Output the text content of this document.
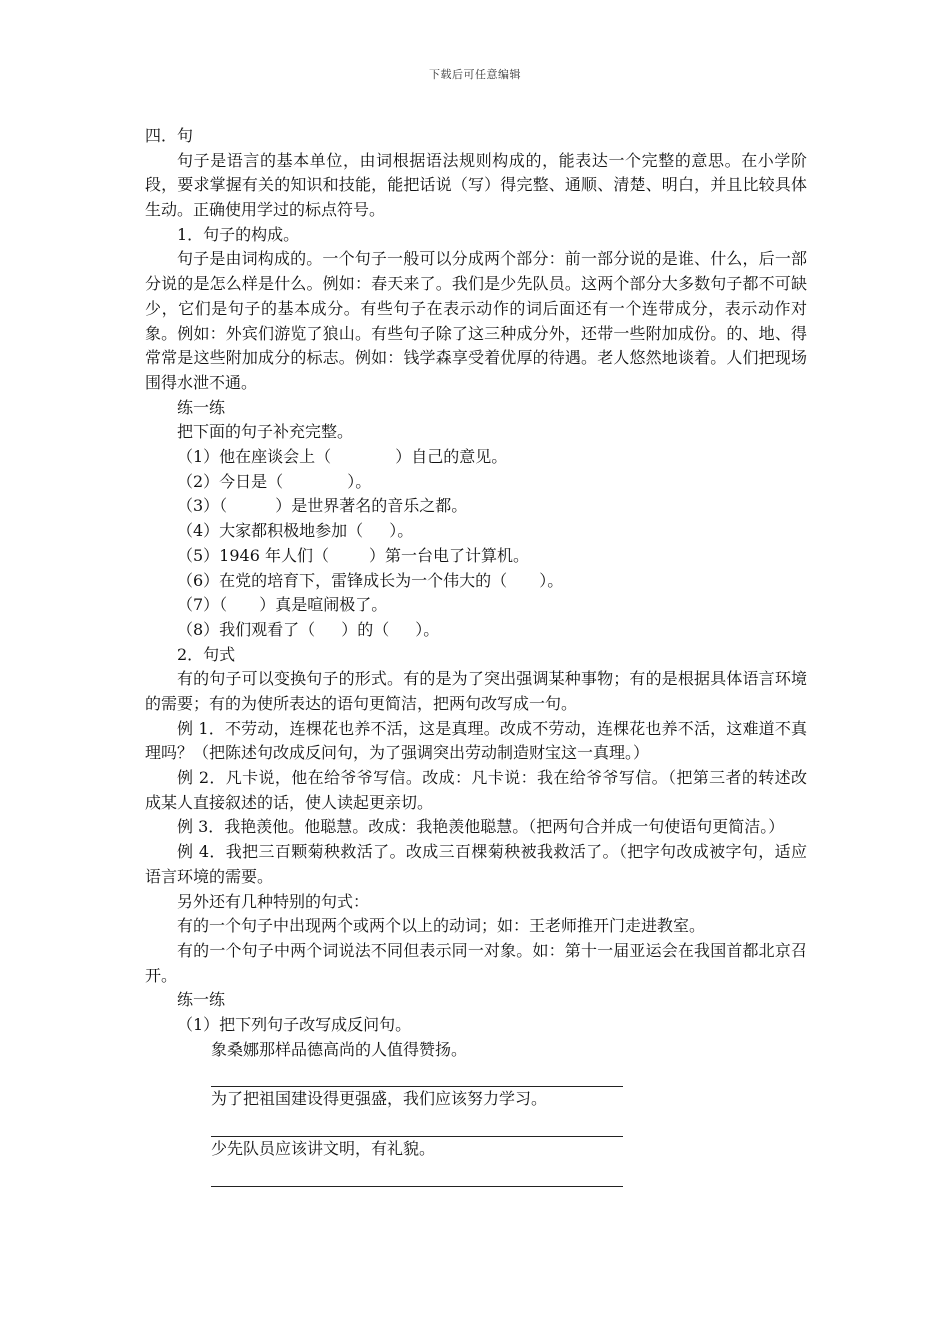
下载后可任意编辑
四．句
句子是语言的基本单位，由词根据语法规则构成的，能表达一个完整的意思。在小学阶段，要求掌握有关的知识和技能，能把话说（写）得完整、通顺、清楚、明白，并且比较具体生动。正确使用学过的标点符号。
1．句子的构成。
句子是由词构成的。一个句子一般可以分成两个部分：前一部分说的是谁、什么，后一部分说的是怎么样是什么。例如：春天来了。我们是少先队员。这两个部分大多数句子都不可缺少，它们是句子的基本成分。有些句子在表示动作的词后面还有一个连带成分，表示动作对象。例如：外宾们游览了狼山。有些句子除了这三种成分外，还带一些附加成份。的、地、得常常是这些附加成分的标志。例如：钱学森享受着优厚的待遇。老人悠然地谈着。人们把现场围得水泄不通。
练一练
把下面的句子补充完整。
（1）他在座谈会上（	）自己的意见。
（2）今日是（	）。
（3）（	）是世界著名的音乐之都。
（4）大家都积极地参加（ ）。
（5）1946 年人们（	）第一台电了计算机。
（6）在党的培育下，雷锋成长为一个伟大的（ ）。
（7）（ ）真是喧闹极了。
（8）我们观看了（ ）的（ ）。
2．句式
有的句子可以变换句子的形式。有的是为了突出强调某种事物；有的是根据具体语言环境的需要；有的为使所表达的语句更简洁，把两句改写成一句。
例 1．不劳动，连棵花也养不活，这是真理。改成不劳动，连棵花也养不活，这难道不真理吗？（把陈述句改成反问句，为了强调突出劳动制造财宝这一真理。）
例 2．凡卡说，他在给爷爷写信。改成：凡卡说：我在给爷爷写信。（把第三者的转述改成某人直接叙述的话，使人读起更亲切。
例 3．我艳羡他。他聪慧。改成：我艳羡他聪慧。（把两句合并成一句使语句更简洁。）
例 4．我把三百颗菊秧救活了。改成三百棵菊秧被我救活了。（把字句改成被字句，适应语言环境的需要。
另外还有几种特别的句式：
有的一个句子中出现两个或两个以上的动词；如：王老师推开门走进教室。
有的一个句子中两个词说法不同但表示同一对象。如：第十一届亚运会在我国首都北京召开。
练一练
（1）把下列句子改写成反问句。
象桑娜那样品德高尚的人值得赞扬。
为了把祖国建设得更强盛，我们应该努力学习。
少先队员应该讲文明，有礼貌。
